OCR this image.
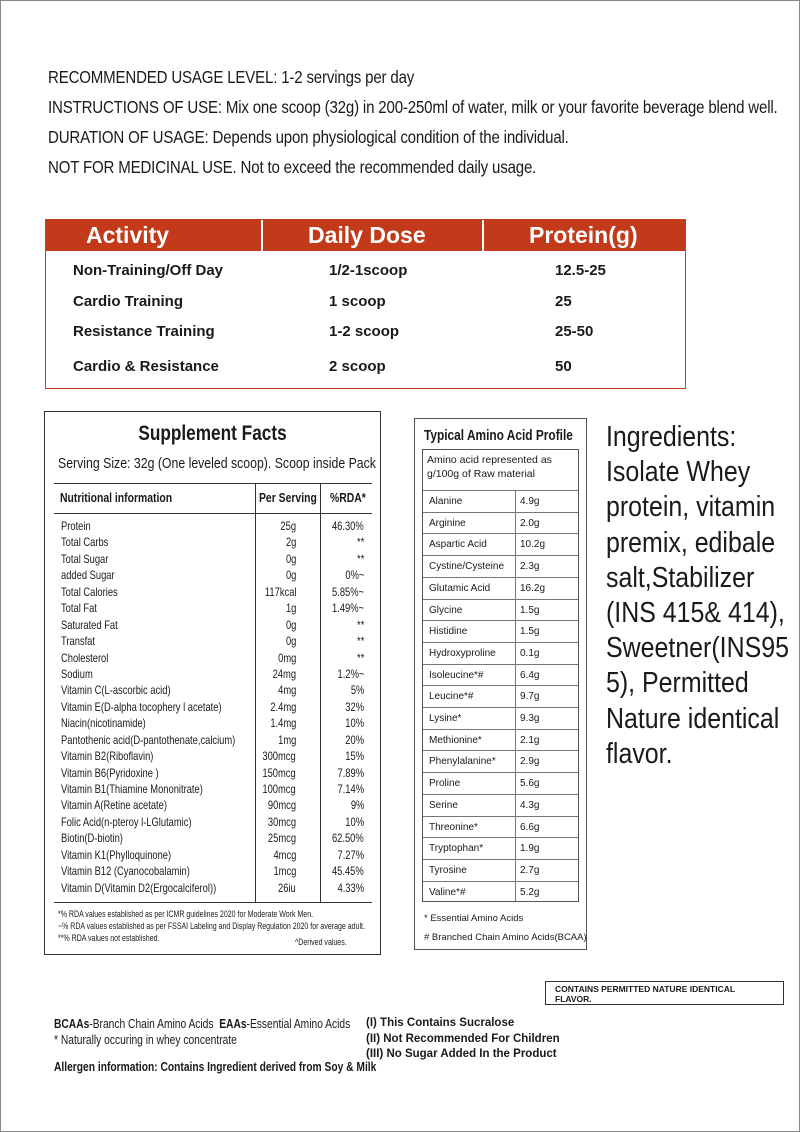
RECOMMENDED USAGE LEVEL: 1-2 servings per day
INSTRUCTIONS OF USE: Mix one scoop (32g) in 200-250ml of water, milk or your favorite beverage blend well.
DURATION OF USAGE: Depends upon physiological condition of the individual.
NOT FOR MEDICINAL USE. Not to exceed the recommended daily usage.
Activity	Daily Dose	Protein(g)
Non-Training/Off Day	1/2-1scoop	12.5-25
Cardio Training	1 scoop	25
Resistance Training	1-2 scoop	25-50
Cardio & Resistance	2 scoop	50
Supplement Facts
Serving Size: 32g (One leveled scoop). Scoop inside Pack
Nutritional information	Per Serving %RDA*
Protein	25g	46.30%
Total Carbs	2g	**
Total Sugar	0g	**
added Sugar	0g	0%~
Total Calories	117kcal	5.85%~
Total Fat	1g	1.49%~
Saturated Fat	0g	**
Transfat	0g	**
Cholesterol	0mg	**
Sodium	24mg	1.2%~
Vitamin C(L-ascorbic acid)	4mg	5%
Vitamin E(D-alpha tocophery l acetate)	2.4mg	32%
Niacin(nicotinamide)	1.4mg	10%
Pantothenic acid(D-pantothenate,calcium)	1mg	20%
Vitamin B2(Riboflavin)	300mcg	15%
Vitamin B6(Pyridoxine )	150mcg	7.89%
Vitamin B1(Thiamine Mononitrate)	100mcg	7.14%
Vitamin A(Retine acetate)	90mcg	9%
Folic Acid(n-pteroy l-LGlutamic)	30mcg	10%
Biotin(D-biotin)	25mcg	62.50%
Vitamin K1(Phylloquinone)	4mcg	7.27%
Vitamin B12 (Cyanocobalamin)	1mcg	45.45%
Vitamin D(Vitamin D2(Ergocalciferol))	26iu	4.33%
*% RDA values established as per ICMR guidelines 2020 for Moderate Work Men.
~% RDA values established as per FSSAI Labeling and Display Regulation 2020 for average adult.
**% RDA values not established.	^Derived values.
Typical Amino Acid Profile
Amino acid represented as
g/100g of Raw material
Alanine	4.9g
Arginine	2.0g
Aspartic Acid	10.2g
Cystine/Cysteine 2.3g
Glutamic Acid	16.2g
Glycine	1.5g
Histidine	1.5g
Hydroxyproline 0.1g
Isoleucine*#	6.4g
Leucine*#	9.7g
Lysine*	9.3g
Methionine*	2.1g
Phenylalanine* 2.9g
Proline	5.6g
Serine	4.3g
Threonine*	6.6g
Tryptophan*	1.9g
Tyrosine	2.7g
Valine*#	5.2g
* Essential Amino Acids
# Branched Chain Amino Acids(BCAA)
Ingredients:
Isolate Whey
protein, vitamin
premix, edibale
salt,Stabilizer
(INS 415& 414),
Sweetner(INS95
5), Permitted
Nature identical
flavor.
CONTAINS PERMITTED NATURE IDENTICAL
FLAVOR.
BCAAs-Branch Chain Amino Acids  EAAs-Essential Amino Acids
* Naturally occuring in whey concentrate
Allergen information: Contains Ingredient derived from Soy & Milk
(I) This Contains Sucralose
(II) Not Recommended For Children
(III) No Sugar Added In the Product
